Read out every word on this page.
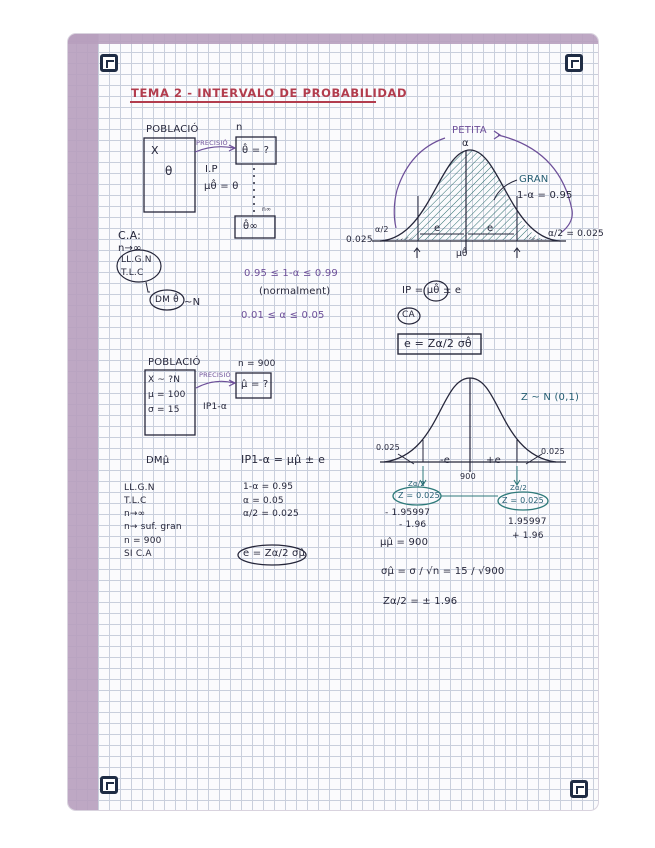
TEMA 2 - INTERVALO DE PROBABILIDAD
POBLACIÓ	n
X
θ
PRECISIÓ
θ̂ = ?
I.P
μθ̂ = θ
n∞
θ̂∞
C.A:
n→∞
LL.G.N
T.L.C
DM θ̂ ~N
0.95 ≤ 1-α ≤ 0.99
(normalment)
0.01 ≤ α ≤ 0.05
PETITA
α
GRAN
1-α = 0.95
α/2
0.025
α/2 = 0.025
e	e
μθ̂
IP = μθ̂ ± e
CA
e = Zα/2 σθ̂
POBLACIÓ	n = 900
X ~ ?N
μ = 100
σ = 15
PRECISIÓ
μ̂ = ?
IP1-α
DMμ̂
LL.G.N
T.L.C
n→∞
n→ suf. gran
n = 900
SI C.A
IP1-α = μμ̂ ± e
1-α = 0.95
α = 0.05
α/2 = 0.025
e = Zα/2 σμ̂
Z ~ N (0,1)
0.025	0.025
-e	+e
900
Zα/2	Zα/2
Z = 0.025
Z = 0.025
- 1.95997
- 1.96	1.95997
+ 1.96
μμ̂ = 900
σμ̂ = σ / √n = 15 / √900
Zα/2 = ± 1.96
